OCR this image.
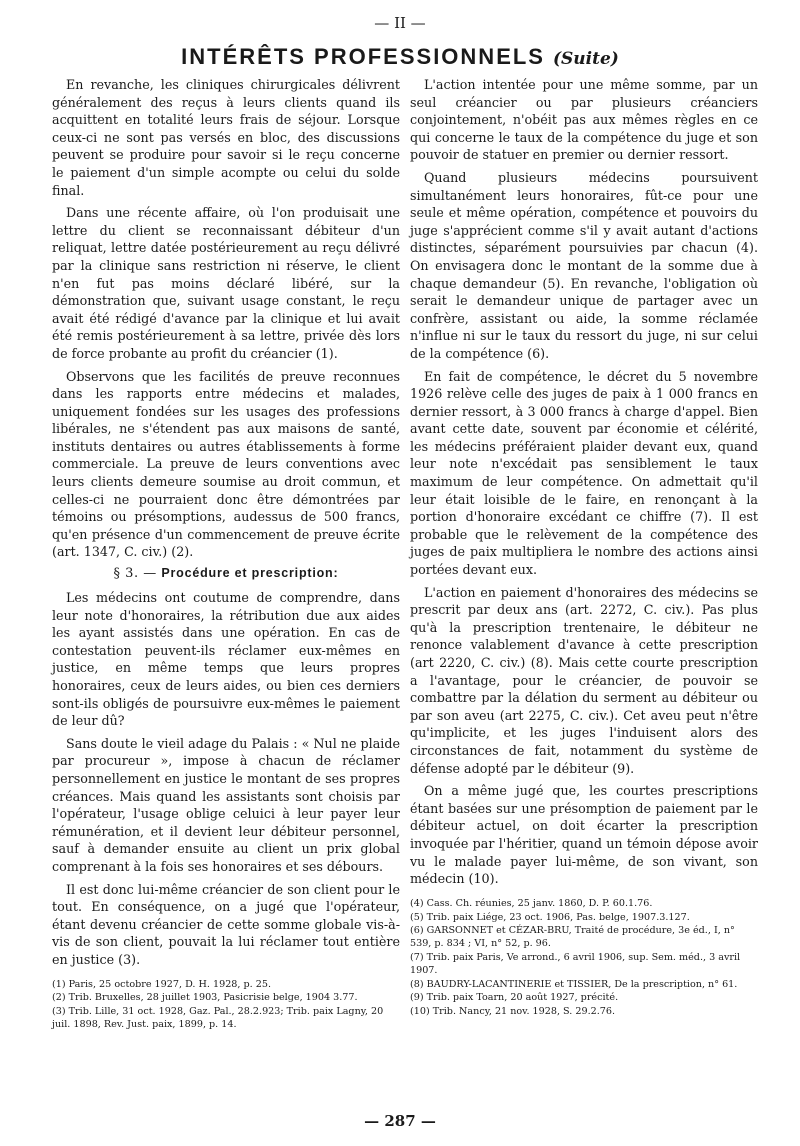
— II —
INTÉRÊTS PROFESSIONNELS (Suite)

En revanche, les cliniques chirurgicales délivrent généralement des reçus à leurs clients quand ils acquittent en totalité leurs frais de séjour. Lorsque ceux-ci ne sont pas versés en bloc, des discussions peuvent se produire pour savoir si le reçu concerne le paiement d'un simple acompte ou celui du solde final.

Dans une récente affaire, où l'on produisait une lettre du client se reconnaissant débiteur d'un reliquat, lettre datée postérieurement au reçu délivré par la clinique sans restriction ni réserve, le client n'en fut pas moins déclaré libéré, sur la démonstration que, suivant usage constant, le reçu avait été rédigé d'avance par la clinique et lui avait été remis postérieurement à sa lettre, privée dès lors de force probante au profit du créancier (1).

Observons que les facilités de preuve reconnues dans les rapports entre médecins et malades, uniquement fondées sur les usages des professions libérales, ne s'étendent pas aux maisons de santé, instituts dentaires ou autres établissements à forme commerciale. La preuve de leurs conventions avec leurs clients demeure soumise au droit commun, et celles-ci ne pourraient donc être démontrées par témoins ou présomptions, audessus de 500 francs, qu'en présence d'un commencement de preuve écrite (art. 1347, C. civ.) (2).

§ 3. — Procédure et prescription:

Les médecins ont coutume de comprendre, dans leur note d'honoraires, la rétribution due aux aides les ayant assistés dans une opération. En cas de contestation peuvent-ils réclamer eux-mêmes en justice, en même temps que leurs propres honoraires, ceux de leurs aides, ou bien ces derniers sont-ils obligés de poursuivre eux-mêmes le paiement de leur dû?

Sans doute le vieil adage du Palais : « Nul ne plaide par procureur », impose à chacun de réclamer personnellement en justice le montant de ses propres créances. Mais quand les assistants sont choisis par l'opérateur, l'usage oblige celuici à leur payer leur rémunération, et il devient leur débiteur personnel, sauf à demander ensuite au client un prix global comprenant à la fois ses honoraires et ses débours.

Il est donc lui-même créancier de son client pour le tout. En conséquence, on a jugé que l'opérateur, étant devenu créancier de cette somme globale vis-à-vis de son client, pouvait la lui réclamer tout entière en justice (3).

(1) Paris, 25 octobre 1927, D. H. 1928, p. 25.

(2) Trib. Bruxelles, 28 juillet 1903, Pasicrisie belge, 1904 3.77.

(3) Trib. Lille, 31 oct. 1928, Gaz. Pal., 28.2.923; Trib. paix Lagny, 20 juil. 1898, Rev. Just. paix, 1899, p. 14.

L'action intentée pour une même somme, par un seul créancier ou par plusieurs créanciers conjointement, n'obéit pas aux mêmes règles en ce qui concerne le taux de la compétence du juge et son pouvoir de statuer en premier ou dernier ressort.

Quand plusieurs médecins poursuivent simultanément leurs honoraires, fût-ce pour une seule et même opération, compétence et pouvoirs du juge s'apprécient comme s'il y avait autant d'actions distinctes, séparément poursuivies par chacun (4). On envisagera donc le montant de la somme due à chaque demandeur (5). En revanche, l'obligation où serait le demandeur unique de partager avec un confrère, assistant ou aide, la somme réclamée n'influe ni sur le taux du ressort du juge, ni sur celui de la compétence (6).

En fait de compétence, le décret du 5 novembre 1926 relève celle des juges de paix à 1 000 francs en dernier ressort, à 3 000 francs à charge d'appel. Bien avant cette date, souvent par économie et célérité, les médecins préféraient plaider devant eux, quand leur note n'excédait pas sensiblement le taux maximum de leur compétence. On admettait qu'il leur était loisible de le faire, en renonçant à la portion d'honoraire excédant ce chiffre (7). Il est probable que le relèvement de la compétence des juges de paix multipliera le nombre des actions ainsi portées devant eux.

L'action en paiement d'honoraires des médecins se prescrit par deux ans (art. 2272, C. civ.). Pas plus qu'à la prescription trentenaire, le débiteur ne renonce valablement d'avance à cette prescription (art 2220, C. civ.) (8). Mais cette courte prescription a l'avantage, pour le créancier, de pouvoir se combattre par la délation du serment au débiteur ou par son aveu (art 2275, C. civ.). Cet aveu peut n'être qu'implicite, et les juges l'induisent alors des circonstances de fait, notamment du système de défense adopté par le débiteur (9).

On a même jugé que, les courtes prescriptions étant basées sur une présomption de paiement par le débiteur actuel, on doit écarter la prescription invoquée par l'héritier, quand un témoin dépose avoir vu le malade payer lui-même, de son vivant, son médecin (10).

(4) Cass. Ch. réunies, 25 janv. 1860, D. P. 60.1.76.

(5) Trib. paix Liége, 23 oct. 1906, Pas. belge, 1907.3.127.

(6) GARSONNET et CÉZAR-BRU, Traité de procédure, 3e éd., I, n° 539, p. 834 ; VI, n° 52, p. 96.

(7) Trib. paix Paris, Ve arrond., 6 avril 1906, sup. Sem. méd., 3 avril 1907.

(8) BAUDRY-LACANTINERIE et TISSIER, De la prescription, n° 61.

(9) Trib. paix Toarn, 20 août 1927, précité.

(10) Trib. Nancy, 21 nov. 1928, S. 29.2.76.

— 287 —
